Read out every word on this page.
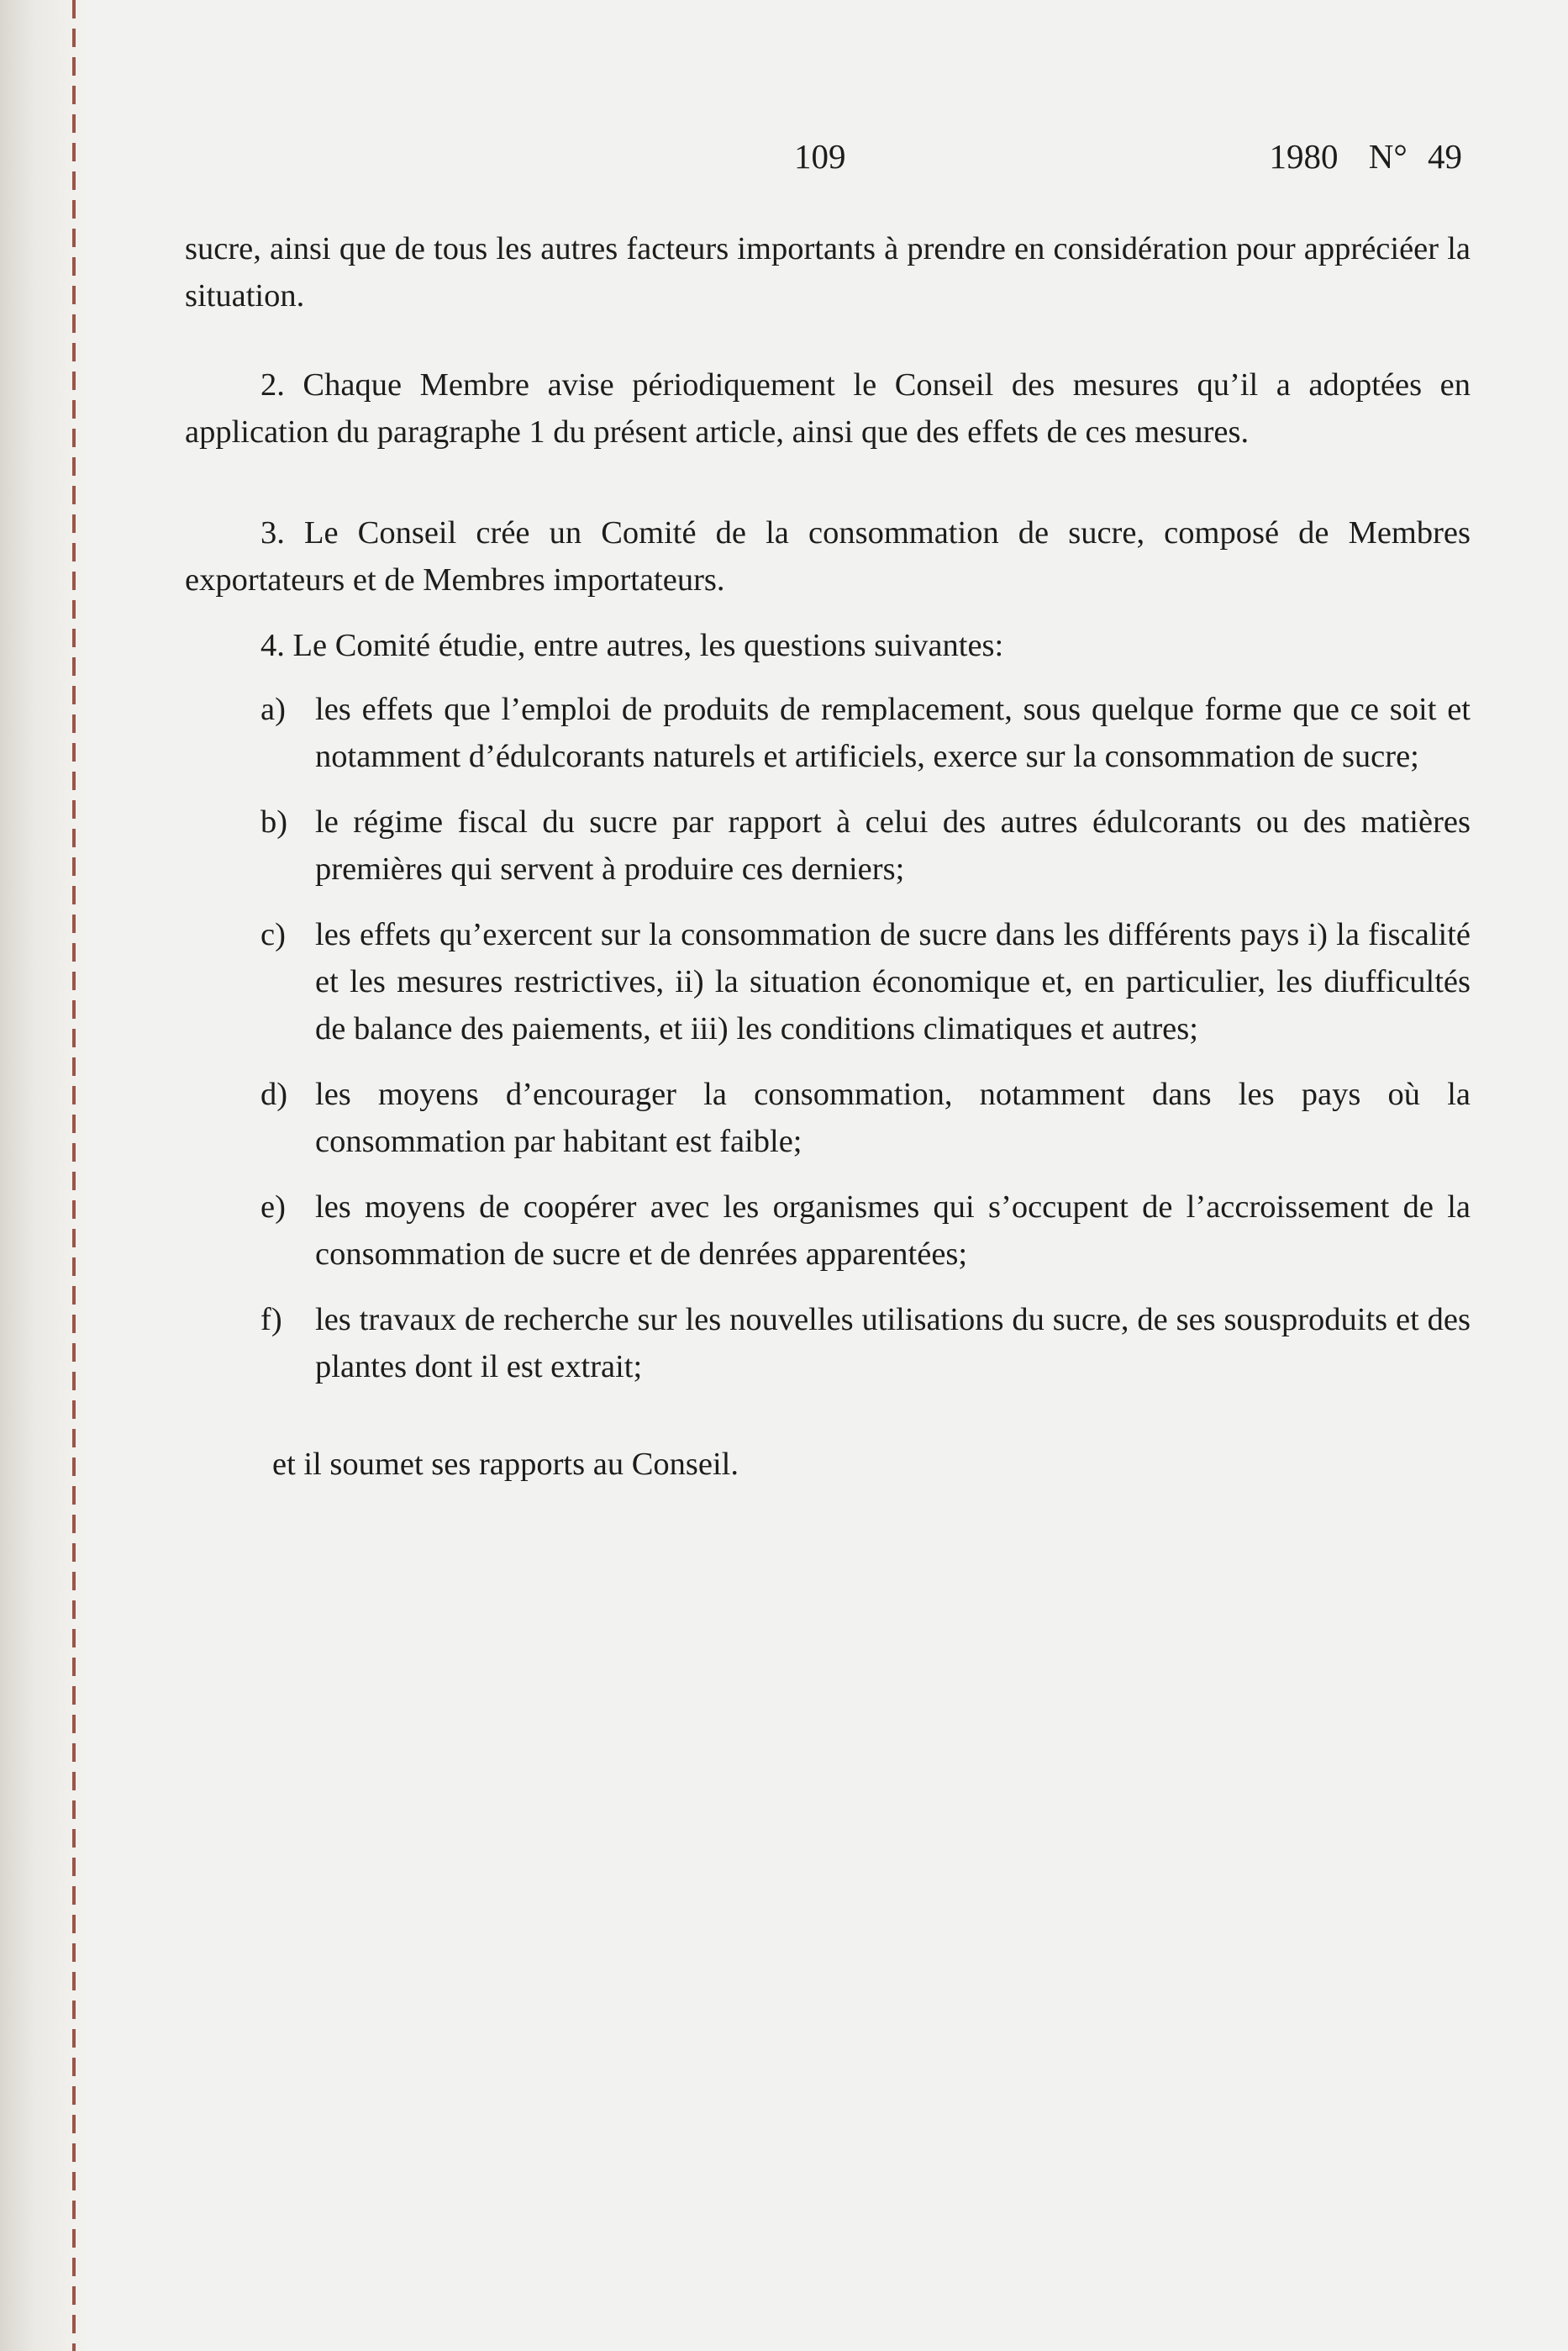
109	1980 N° 49

sucre, ainsi que de tous les autres facteurs importants à prendre en considération pour appréciéer la situation.

2. Chaque Membre avise périodiquement le Conseil des mesures qu’il a adoptées en application du paragraphe 1 du présent article, ainsi que des effets de ces mesures.

3. Le Conseil crée un Comité de la consommation de sucre, composé de Membres exportateurs et de Membres importateurs.

4. Le Comité étudie, entre autres, les questions suivantes:

a) les effets que l’emploi de produits de remplacement, sous quelque forme que ce soit et notamment d’édulcorants naturels et artificiels, exerce sur la consommation de sucre;
b) le régime fiscal du sucre par rapport à celui des autres édulcorants ou des matières premières qui servent à produire ces derniers;
c) les effets qu’exercent sur la consommation de sucre dans les différents pays i) la fiscalité et les mesures restrictives, ii) la situation économique et, en particulier, les diufficultés de balance des paiements, et iii) les conditions climatiques et autres;
d) les moyens d’encourager la consommation, notamment dans les pays où la consommation par habitant est faible;
e) les moyens de coopérer avec les organismes qui s’occupent de l’accroissement de la consommation de sucre et de denrées apparentées;
f) les travaux de recherche sur les nouvelles utilisations du sucre, de ses sousproduits et des plantes dont il est extrait;

et il soumet ses rapports au Conseil.
